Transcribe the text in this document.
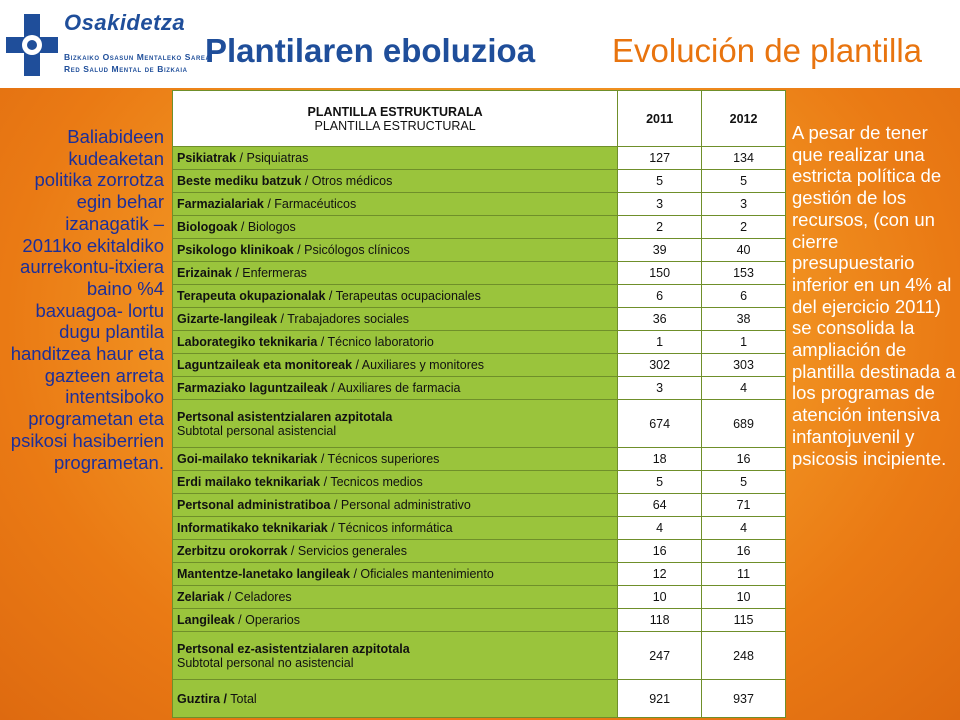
Osakidetza
Bizkaiko Osasun Mentaleko Sarea
Red Salud Mental de Bizkaia Plantilaren eboluzioa Evolución de plantilla
Baliabideen kudeaketan politika zorrotza egin behar izanagatik – 2011ko ekitaldiko aurrekontu-itxiera baino %4 baxuagoa- lortu dugu plantila handitzea haur eta gazteen arreta intentsiboko programetan eta psikosi hasiberrien programetan.
PLANTILLA ESTRUKTURALA
PLANTILLA ESTRUCTURAL	2011	2012
Psikiatrak / Psiquiatras	127	134
Beste mediku batzuk / Otros médicos	5	5
Farmazialariak / Farmacéuticos	3	3
Biologoak / Biologos	2	2
Psikologo klinikoak / Psicólogos clínicos	39	40
Erizainak / Enfermeras	150	153
Terapeuta okupazionalak / Terapeutas ocupacionales	6	6
Gizarte-langileak / Trabajadores sociales	36	38
Laborategiko teknikaria / Técnico laboratorio	1	1
Laguntzaileak eta monitoreak / Auxiliares y monitores	302	303
Farmaziako laguntzaileak / Auxiliares de farmacia	3	4
Pertsonal asistentzialaren azpitotala
Subtotal personal asistencial	674	689
Goi-mailako teknikariak / Técnicos superiores	18	16
Erdi mailako teknikariak / Tecnicos medios	5	5
Pertsonal administratiboa / Personal administrativo	64	71
Informatikako teknikariak / Técnicos informática	4	4
Zerbitzu orokorrak / Servicios generales	16	16
Mantentze-lanetako langileak / Oficiales mantenimiento	12	11
Zelariak / Celadores	10	10
Langileak / Operarios	118	115
Pertsonal ez-asistentzialaren azpitotala
Subtotal personal no asistencial	247	248
Guztira / Total	921	937
A pesar de tener que realizar una estricta política de gestión de los recursos, (con un cierre presupuestario inferior en un 4% al del ejercicio 2011) se consolida la ampliación de plantilla destinada a los programas de atención intensiva infantojuvenil y psicosis incipiente.
